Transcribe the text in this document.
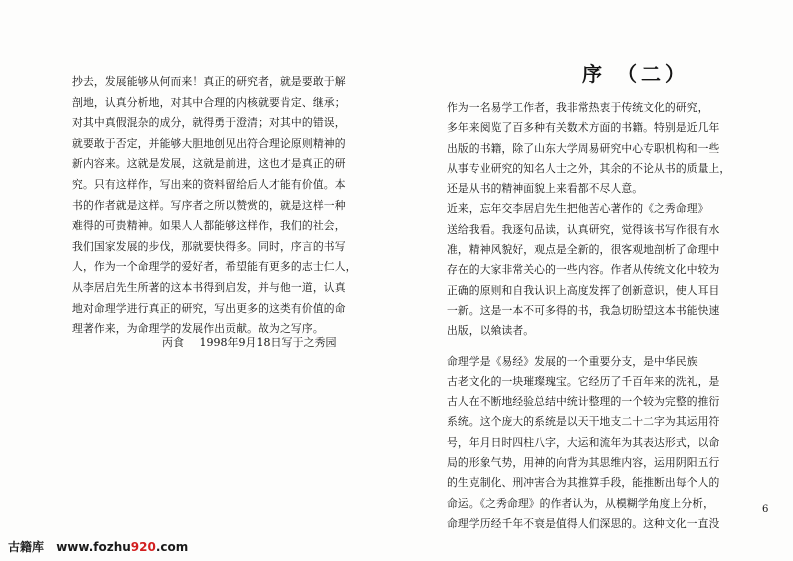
抄去，发展能够从何而来！真正的研究者，就是要敢于解
剖地，认真分析地，对其中合理的内核就要肯定、继承；
对其中真假混杂的成分，就得勇于澄清；对其中的错误，
就要敢于否定，并能够大胆地创见出符合理论原则精神的
新内容来。这就是发展，这就是前进，这也才是真正的研
究。只有这样作，写出来的资料留给后人才能有价值。本
书的作者就是这样。写序者之所以赞赏的，就是这样一种
难得的可贵精神。如果人人都能够这样作，我们的社会，
我们国家发展的步伐，那就要快得多。同时，序言的书写
人，作为一个命理学的爱好者，希望能有更多的志士仁人，
从李居启先生所著的这本书得到启发，并与他一道，认真
地对命理学进行真正的研究，写出更多的这类有价值的命
理著作来，为命理学的发展作出贡献。故为之写序。
丙食 1998年9月18日写于之秀园
序 （二）
作为一名易学工作者，我非常热衷于传统文化的研究，
多年来阅览了百多种有关数术方面的书籍。特别是近几年
出版的书籍，除了山东大学周易研究中心专职机构和一些
从事专业研究的知名人士之外，其余的不论从书的质量上，
还是从书的精神面貌上来看都不尽人意。
近来，忘年交李居启先生把他苦心著作的《之秀命理》
送给我看。我逐句品读，认真研究，觉得该书写作很有水
准，精神风貌好，观点是全新的，很客观地剖析了命理中
存在的大家非常关心的一些内容。作者从传统文化中较为
正确的原则和自我认识上高度发挥了创新意识，使人耳目
一新。这是一本不可多得的书，我急切盼望这本书能快速
出版，以飨读者。
命理学是《易经》发展的一个重要分支，是中华民族
古老文化的一块璀璨瑰宝。它经历了千百年来的洗礼，是
古人在不断地经验总结中统计整理的一个较为完整的推衍
系统。这个庞大的系统是以天干地支二十二字为其运用符
号，年月日时四柱八字，大运和流年为其表达形式，以命
局的形象气势，用神的向背为其思维内容，运用阴阳五行
的生克制化、刑冲害合为其推算手段，能推断出每个人的
命运。《之秀命理》的作者认为，从模糊学角度上分析，
命理学历经千年不衰是值得人们深思的。这种文化一直没
6
古籍库 www.fozhu920.com
